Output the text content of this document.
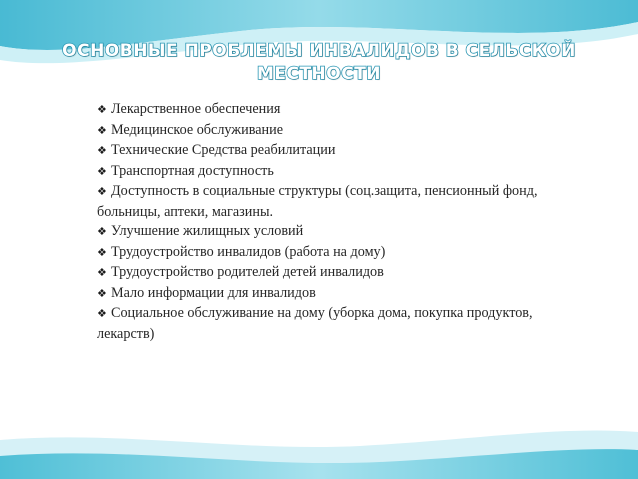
ОСНОВНЫЕ ПРОБЛЕМЫ ИНВАЛИДОВ В СЕЛЬСКОЙ
МЕСТНОСТИ
❖ Лекарственное обеспечения
❖ Медицинское обслуживание
❖ Технические Средства реабилитации
❖ Транспортная доступность
❖ Доступность в социальные структуры (соц.защита, пенсионный фонд, больницы, аптеки, магазины.
❖ Улучшение жилищных условий
❖ Трудоустройство инвалидов (работа на дому)
❖ Трудоустройство родителей детей инвалидов
❖ Мало информации для инвалидов
❖ Социальное обслуживание на дому (уборка дома, покупка продуктов, лекарств)
